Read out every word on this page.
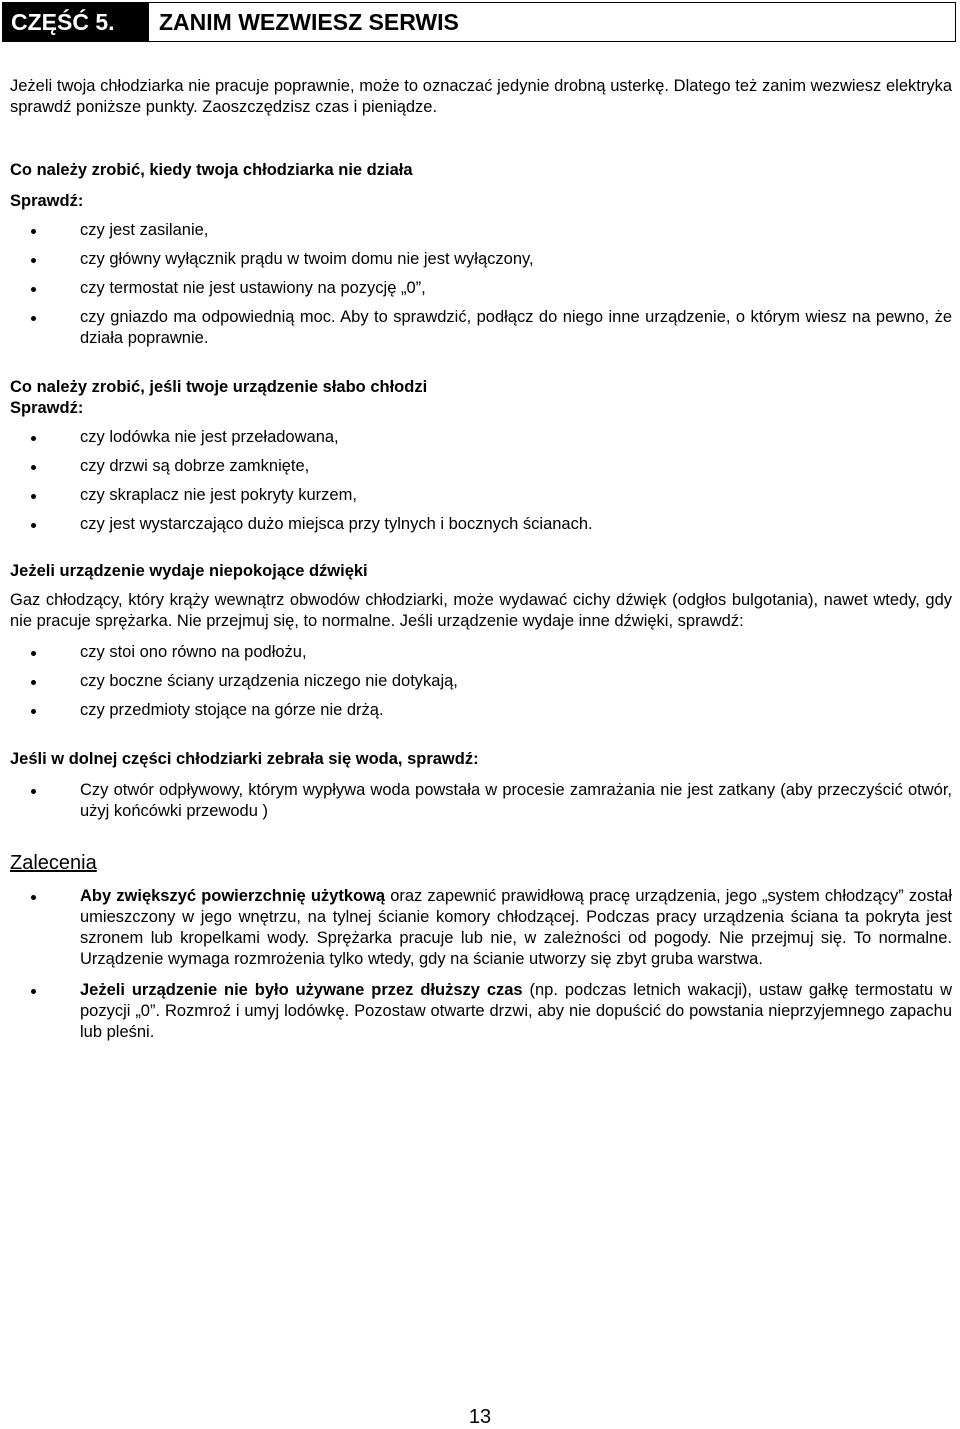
CZĘŚĆ 5.	ZANIM WEZWIESZ SERWIS

Jeżeli twoja chłodziarka nie pracuje poprawnie, może to oznaczać jedynie drobną usterkę. Dlatego też zanim wezwiesz elektryka sprawdź poniższe punkty. Zaoszczędzisz czas i pieniądze.

Co należy zrobić, kiedy twoja chłodziarka nie działa
Sprawdź:
czy jest zasilanie,
czy główny wyłącznik prądu w twoim domu nie jest wyłączony,
czy termostat nie jest ustawiony na pozycję „0”,
czy gniazdo ma odpowiednią moc. Aby to sprawdzić, podłącz do niego inne urządzenie, o którym wiesz na pewno, że działa poprawnie.
Co należy zrobić, jeśli twoje urządzenie słabo chłodzi
Sprawdź:
czy lodówka nie jest przeładowana,
czy drzwi są dobrze zamknięte,
czy skraplacz nie jest pokryty kurzem,
czy jest wystarczająco dużo miejsca przy tylnych i bocznych ścianach.
Jeżeli urządzenie wydaje niepokojące dźwięki

Gaz chłodzący, który krąży wewnątrz obwodów chłodziarki, może wydawać cichy dźwięk (odgłos bulgotania), nawet wtedy, gdy nie pracuje sprężarka. Nie przejmuj się, to normalne. Jeśli urządzenie wydaje inne dźwięki, sprawdź:

czy stoi ono równo na podłożu,
czy boczne ściany urządzenia niczego nie dotykają,
czy przedmioty stojące na górze nie drżą.
Jeśli w dolnej części chłodziarki zebrała się woda, sprawdź:
Czy otwór odpływowy, którym wypływa woda powstała w procesie zamrażania nie jest zatkany (aby przeczyścić otwór, użyj końcówki przewodu )
Zalecenia
Aby zwiększyć powierzchnię użytkową oraz zapewnić prawidłową pracę urządzenia, jego „system chłodzący” został umieszczony w jego wnętrzu, na tylnej ścianie komory chłodzącej. Podczas pracy urządzenia ściana ta pokryta jest szronem lub kropelkami wody. Sprężarka pracuje lub nie, w zależności od pogody. Nie przejmuj się. To normalne. Urządzenie wymaga rozmrożenia tylko wtedy, gdy na ścianie utworzy się zbyt gruba warstwa.
Jeżeli urządzenie nie było używane przez dłuższy czas (np. podczas letnich wakacji), ustaw gałkę termostatu w pozycji „0”. Rozmroź i umyj lodówkę. Pozostaw otwarte drzwi, aby nie dopuścić do powstania nieprzyjemnego zapachu lub pleśni.
13
